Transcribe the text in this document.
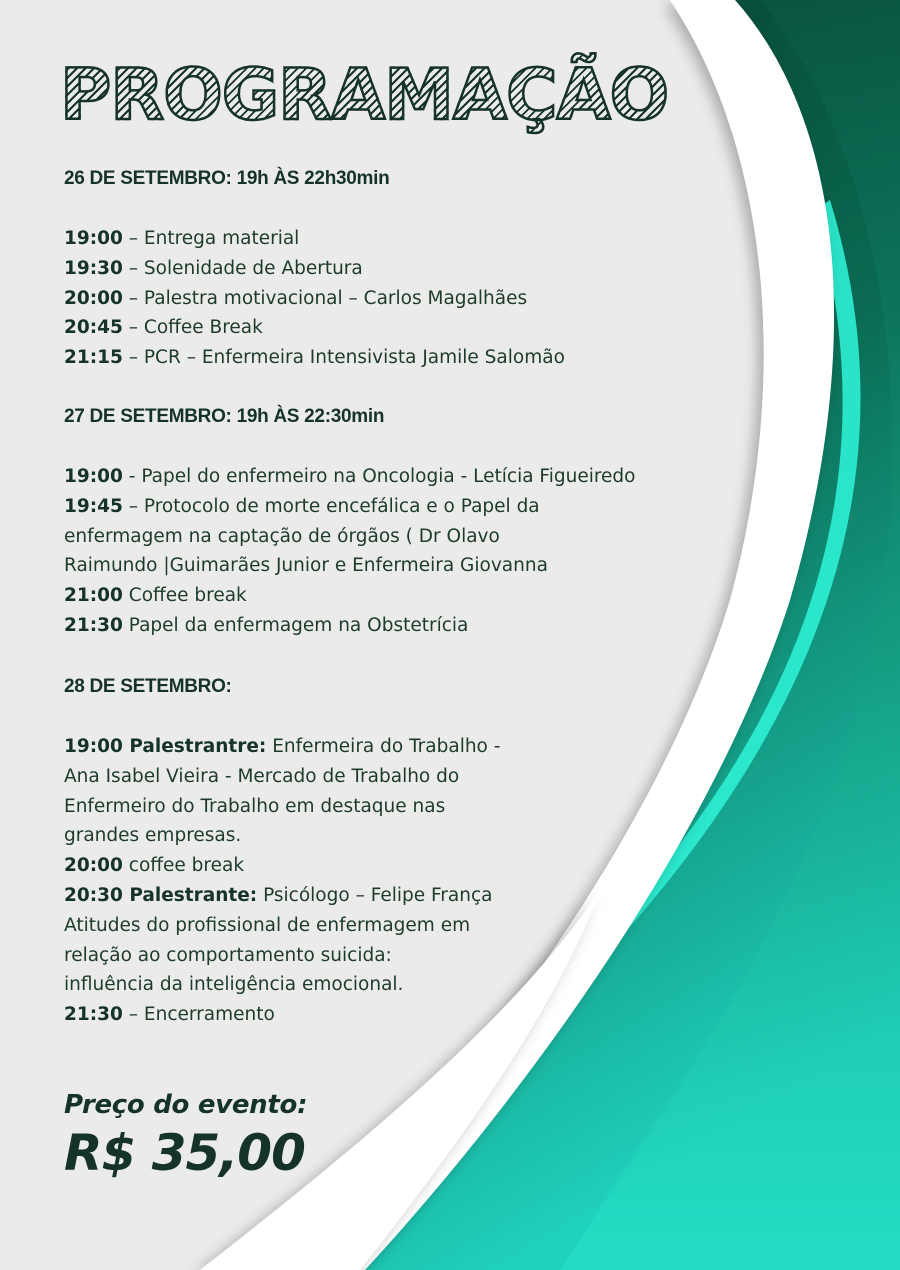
PROGRAMAÇÃO
26 DE SETEMBRO: 19h ÀS 22h30min
19:00 – Entrega material
19:30 – Solenidade de Abertura
20:00 – Palestra motivacional – Carlos Magalhães
20:45 – Coffee Break
21:15 – PCR – Enfermeira Intensivista Jamile Salomão
27 DE SETEMBRO: 19h ÀS 22:30min
19:00 - Papel do enfermeiro na Oncologia - Letícia Figueiredo
19:45 – Protocolo de morte encefálica e o Papel da
enfermagem na captação de órgãos ( Dr Olavo
Raimundo |Guimarães Junior e Enfermeira Giovanna
21:00 Coffee break
21:30 Papel da enfermagem na Obstetrícia
28 DE SETEMBRO:
19:00 Palestrantre: Enfermeira do Trabalho -
Ana Isabel Vieira - Mercado de Trabalho do
Enfermeiro do Trabalho em destaque nas
grandes empresas.
20:00 coffee break
20:30 Palestrante: Psicólogo – Felipe França
Atitudes do profissional de enfermagem em
relação ao comportamento suicida:
influência da inteligência emocional.
21:30 – Encerramento
Preço do evento:
R$ 35,00
